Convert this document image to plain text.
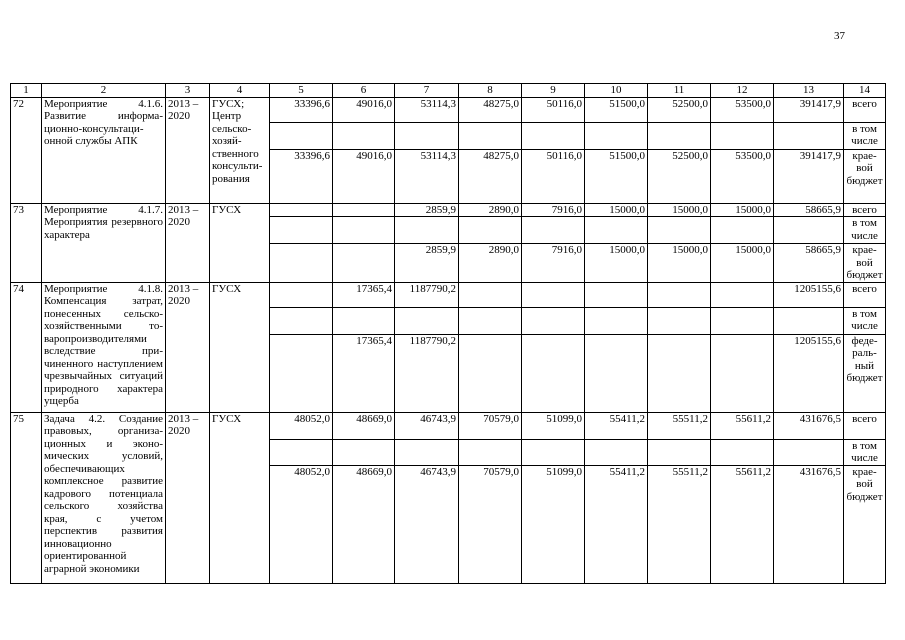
37
1	2	3	4	5	6	7	8	9	10	11	12	13	14
72	Мероприятие 4.1.6. Развитие информационно-консультационной службы АПК	2013 – 2020	ГУСХ; Центр сельскохозяйственного консультирования	33396,6	49016,0	53114,3	48275,0	50116,0	51500,0	52500,0	53500,0	391417,9	всего
													в том числе
				33396,6	49016,0	53114,3	48275,0	50116,0	51500,0	52500,0	53500,0	391417,9	краевой бюджет
73	Мероприятие 4.1.7. Мероприятия резервного характера	2013 – 2020	ГУСХ			2859,9	2890,0	7916,0	15000,0	15000,0	15000,0	58665,9	всего
													в том числе
						2859,9	2890,0	7916,0	15000,0	15000,0	15000,0	58665,9	краевой бюджет
74	Мероприятие 4.1.8. Компенсация затрат, понесенных сельскохозяйственными товаропроизводителями вследствие причиненного наступлением чрезвычайных ситуаций природного характера ущерба	2013 – 2020	ГУСХ		17365,4	1187790,2						1205155,6	всего
													в том числе
					17365,4	1187790,2						1205155,6	федеральный бюджет
75	Задача 4.2. Создание правовых, организационных и экономических условий, обеспечивающих комплексное развитие кадрового потенциала сельского хозяйства края, с учетом перспектив развития инновационно ориентированной аграрной экономики	2013 – 2020	ГУСХ	48052,0	48669,0	46743,9	70579,0	51099,0	55411,2	55511,2	55611,2	431676,5	всего
													в том числе
				48052,0	48669,0	46743,9	70579,0	51099,0	55411,2	55511,2	55611,2	431676,5	краевой бюджет
